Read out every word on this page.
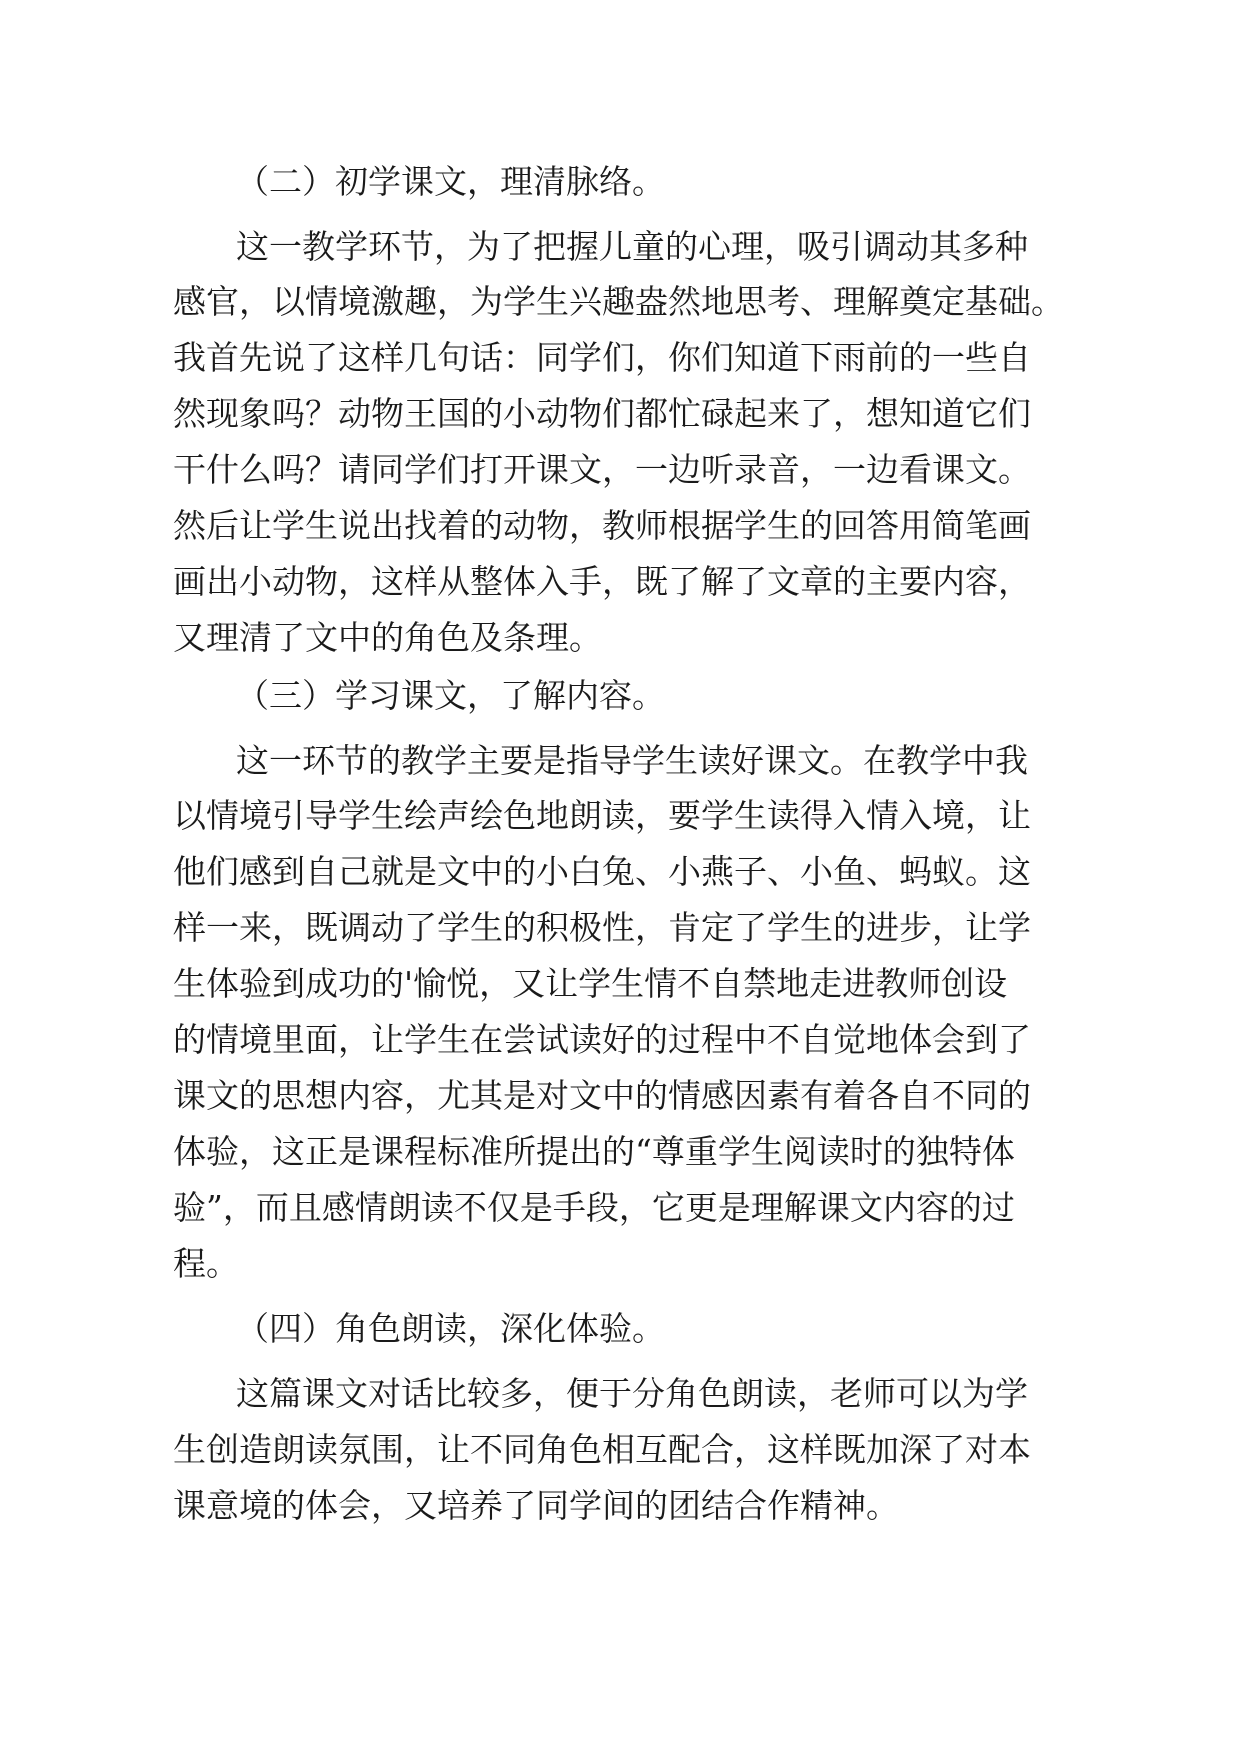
（二）初学课文，理清脉络。

这一教学环节，为了把握儿童的心理，吸引调动其多种

感官，以情境激趣，为学生兴趣盎然地思考、理解奠定基础。

我首先说了这样几句话：同学们，你们知道下雨前的一些自

然现象吗？动物王国的小动物们都忙碌起来了，想知道它们

干什么吗？请同学们打开课文，一边听录音，一边看课文。

然后让学生说出找着的动物，教师根据学生的回答用简笔画

画出小动物，这样从整体入手，既了解了文章的主要内容，

又理清了文中的角色及条理。

（三）学习课文，了解内容。

这一环节的教学主要是指导学生读好课文。在教学中我

以情境引导学生绘声绘色地朗读，要学生读得入情入境，让

他们感到自己就是文中的小白兔、小燕子、小鱼、蚂蚁。这

样一来，既调动了学生的积极性，肯定了学生的进步，让学

生体验到成功的'愉悦，又让学生情不自禁地走进教师创设

的情境里面，让学生在尝试读好的过程中不自觉地体会到了

课文的思想内容，尤其是对文中的情感因素有着各自不同的

体验，这正是课程标准所提出的“尊重学生阅读时的独特体

验”，而且感情朗读不仅是手段，它更是理解课文内容的过

程。

（四）角色朗读，深化体验。

这篇课文对话比较多，便于分角色朗读，老师可以为学

生创造朗读氛围，让不同角色相互配合，这样既加深了对本

课意境的体会，又培养了同学间的团结合作精神。
